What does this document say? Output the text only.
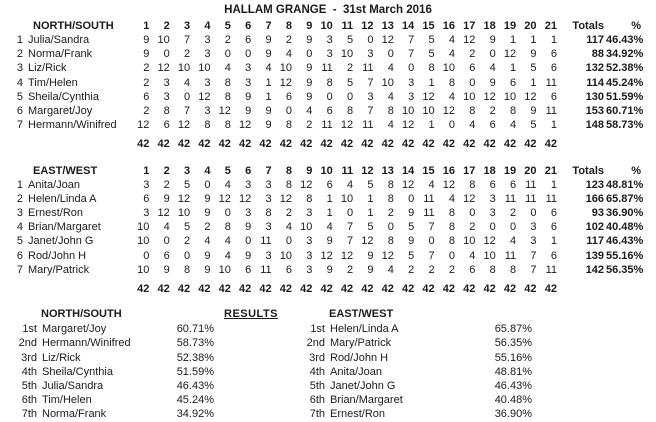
HALLAM GRANGE  -  31st March 2016
NORTH/SOUTH		1	2	3	4	5	6	7	8	9	10	11	12	13	14	15	16	17	18	19	20	21	Totals	%
1	Julia/Sandra	9	10	7	3	2	6	9	2	9	3	5	0	12	7	5	4	12	9	1	1	1	117	46.43%
2	Norma/Frank	9	0	2	3	0	0	9	4	0	3	10	3	0	7	5	4	2	0	12	9	6	88	34.92%
3	Liz/Rick	2	12	10	10	4	3	4	10	9	11	2	11	4	0	8	10	6	4	1	5	6	132	52.38%
4	Tim/Helen	2	3	4	3	8	3	1	12	9	8	5	7	10	3	1	8	0	9	6	1	11	114	45.24%
5	Sheila/Cynthia	6	3	0	12	8	9	1	6	9	0	0	3	4	3	12	4	10	12	10	12	6	130	51.59%
6	Margaret/Joy	2	8	7	3	12	9	9	0	4	6	8	7	8	10	10	12	8	2	8	9	11	153	60.71%
7	Hermann/Winifred	12	6	12	8	8	12	9	8	2	11	12	11	4	12	1	0	4	6	4	5	1	148	58.73%

		42	42	42	42	42	42	42	42	42	42	42	42	42	42	42	42	42	42	42	42	42		
EAST/WEST		1	2	3	4	5	6	7	8	9	10	11	12	13	14	15	16	17	18	19	20	21	Totals	%
1	Anita/Joan	3	2	5	0	4	3	3	8	12	6	4	5	8	12	4	12	8	6	6	11	1	123	48.81%
2	Helen/Linda A	6	9	12	9	12	12	3	12	8	1	10	1	8	0	11	4	12	3	11	11	11	166	65.87%
3	Ernest/Ron	3	12	10	9	0	3	8	2	3	1	0	1	2	9	11	8	0	3	2	0	6	93	36.90%
4	Brian/Margaret	10	4	5	2	8	9	3	4	10	4	7	5	0	5	7	8	2	0	0	3	6	102	40.48%
5	Janet/John G	10	0	2	4	4	0	11	0	3	9	7	12	8	9	0	8	10	12	4	3	1	117	46.43%
6	Rod/John H	0	6	0	9	4	9	3	10	3	12	12	9	12	5	7	0	4	10	11	7	6	139	55.16%
7	Mary/Patrick	10	9	8	9	10	6	11	6	3	9	2	9	4	2	2	2	6	8	8	7	11	142	56.35%

		42	42	42	42	42	42	42	42	42	42	42	42	42	42	42	42	42	42	42	42	42		
RESULTS
NORTH/SOUTH
1st Margaret/Joy	60.71%
2nd Hermann/Winifred	58.73%
3rd Liz/Rick	52.38%
4th Sheila/Cynthia	51.59%
5th Julia/Sandra	46.43%
6th Tim/Helen	45.24%
7th Norma/Frank	34.92%
EAST/WEST
1st Helen/Linda A	65.87%
2nd Mary/Patrick	56.35%
3rd Rod/John H	55.16%
4th Anita/Joan	48.81%
5th Janet/John G	46.43%
6th Brian/Margaret	40.48%
7th Ernest/Ron	36.90%
